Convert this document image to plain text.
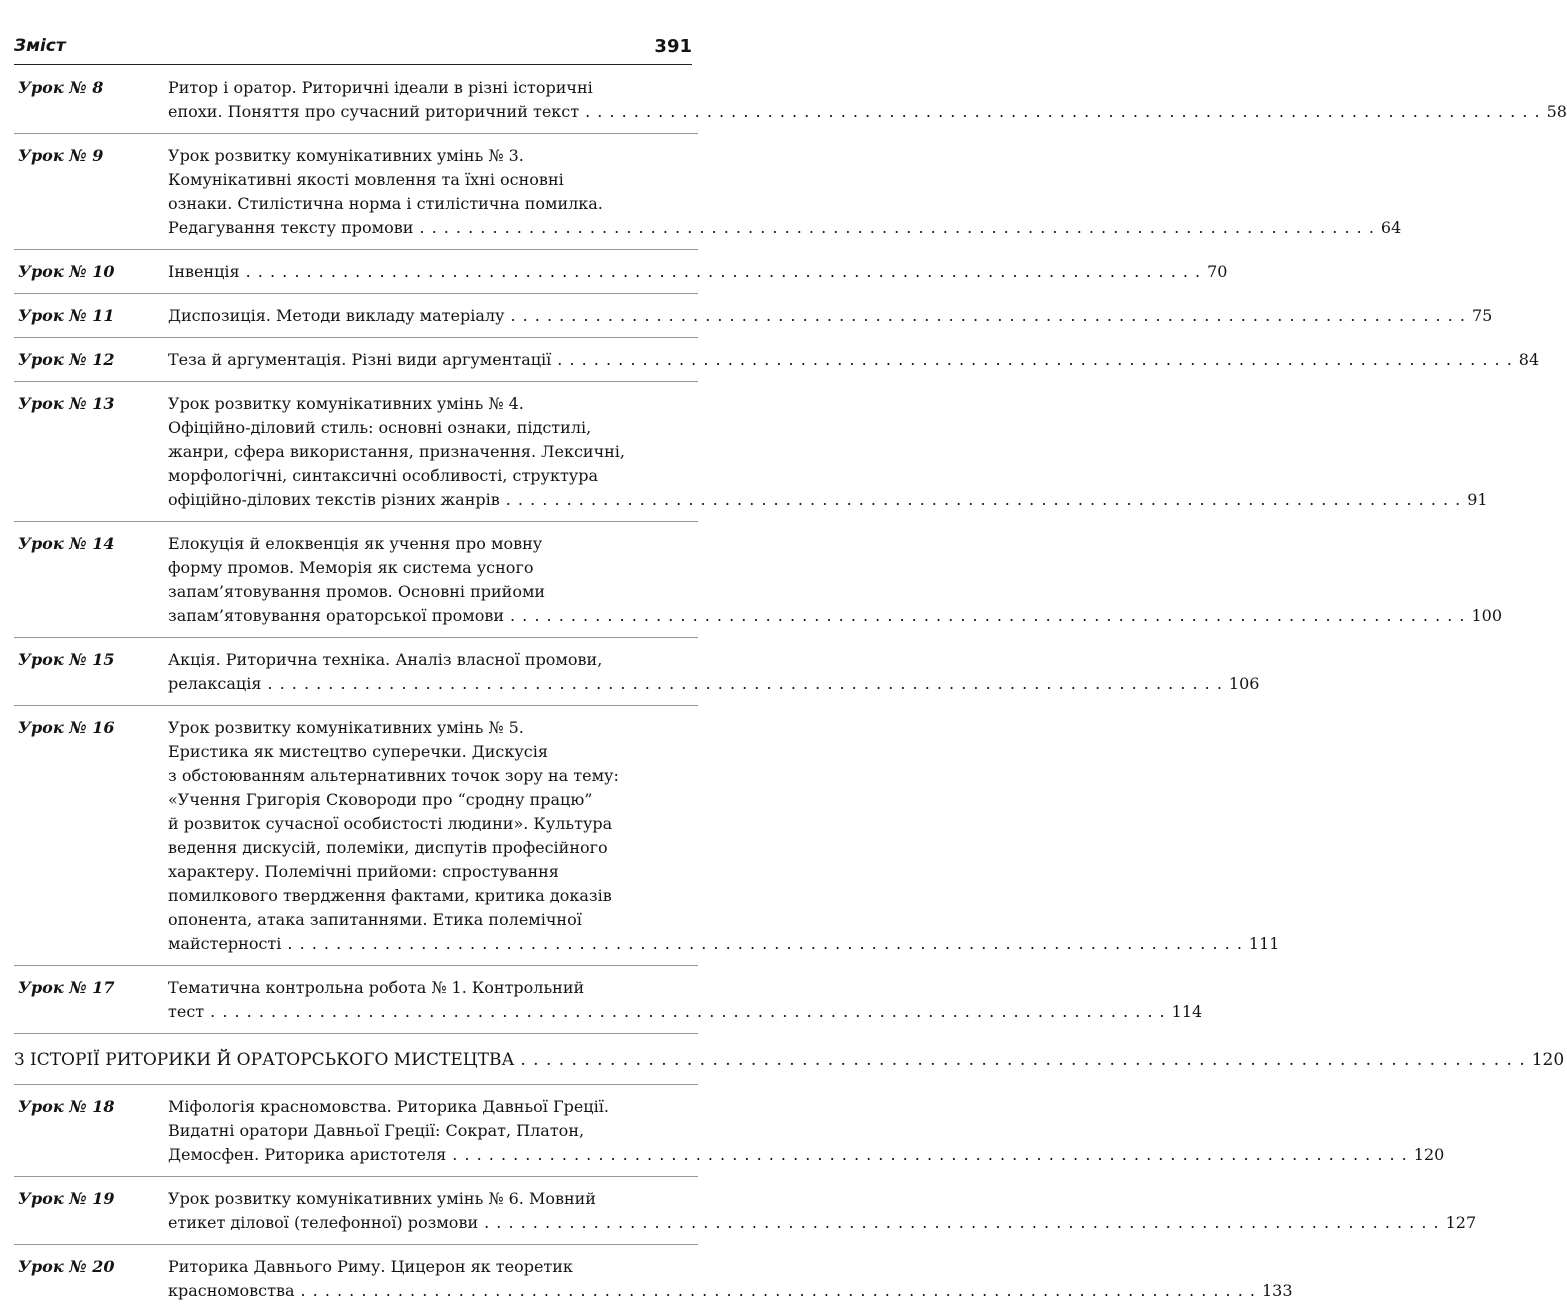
Зміст	391
Урок № 8	Ритор і оратор. Риторичні ідеали в різні історичні
епохи. Поняття про сучасний риторичний текст . . . . . . . . . . . . . . . . . . . . . . . . . . . . . . . . . . . . . . . . . . . . . . . . . . . . . . . . . . . . . . . . . . . . . . . . . . . . . . . 58
Урок № 9	Урок розвитку комунікативних умінь № 3.
Комунікативні якості мовлення та їхні основні
ознаки. Стилістична норма і стилістична помилка.
Редагування тексту промови . . . . . . . . . . . . . . . . . . . . . . . . . . . . . . . . . . . . . . . . . . . . . . . . . . . . . . . . . . . . . . . . . . . . . . . . . . . . . . . 64
Урок № 10	Інвенція . . . . . . . . . . . . . . . . . . . . . . . . . . . . . . . . . . . . . . . . . . . . . . . . . . . . . . . . . . . . . . . . . . . . . . . . . . . . . . . 70
Урок № 11	Диспозиція. Методи викладу матеріалу . . . . . . . . . . . . . . . . . . . . . . . . . . . . . . . . . . . . . . . . . . . . . . . . . . . . . . . . . . . . . . . . . . . . . . . . . . . . . . . 75
Урок № 12	Теза й аргументація. Різні види аргументації . . . . . . . . . . . . . . . . . . . . . . . . . . . . . . . . . . . . . . . . . . . . . . . . . . . . . . . . . . . . . . . . . . . . . . . . . . . . . . . 84
Урок № 13	Урок розвитку комунікативних умінь № 4.
Офіційно-діловий стиль: основні ознаки, підстилі,
жанри, сфера використання, призначення. Лексичні,
морфологічні, синтаксичні особливості, структура
офіційно-ділових текстів різних жанрів . . . . . . . . . . . . . . . . . . . . . . . . . . . . . . . . . . . . . . . . . . . . . . . . . . . . . . . . . . . . . . . . . . . . . . . . . . . . . . . 91
Урок № 14	Елокуція й елоквенція як учення про мовну
форму промов. Меморія як система усного
запам’ятовування промов. Основні прийоми
запам’ятовування ораторської промови . . . . . . . . . . . . . . . . . . . . . . . . . . . . . . . . . . . . . . . . . . . . . . . . . . . . . . . . . . . . . . . . . . . . . . . . . . . . . . . 100
Урок № 15	Акція. Риторична техніка. Аналіз власної промови,
релаксація . . . . . . . . . . . . . . . . . . . . . . . . . . . . . . . . . . . . . . . . . . . . . . . . . . . . . . . . . . . . . . . . . . . . . . . . . . . . . . . 106
Урок № 16	Урок розвитку комунікативних умінь № 5.
Еристика як мистецтво суперечки. Дискусія
з обстоюванням альтернативних точок зору на тему:
«Учення Григорія Сковороди про “сродну працю”
й розвиток сучасної особистості людини». Культура
ведення дискусій, полеміки, диспутів професійного
характеру. Полемічні прийоми: спростування
помилкового твердження фактами, критика доказів
опонента, атака запитаннями. Етика полемічної
майстерності . . . . . . . . . . . . . . . . . . . . . . . . . . . . . . . . . . . . . . . . . . . . . . . . . . . . . . . . . . . . . . . . . . . . . . . . . . . . . . . 111
Урок № 17	Тематична контрольна робота № 1. Контрольний
тест . . . . . . . . . . . . . . . . . . . . . . . . . . . . . . . . . . . . . . . . . . . . . . . . . . . . . . . . . . . . . . . . . . . . . . . . . . . . . . . 114
З ІСТОРІЇ РИТОРИКИ Й ОРАТОРСЬКОГО МИСТЕЦТВА . . . . . . . . . . . . . . . . . . . . . . . . . . . . . . . . . . . . . . . . . . . . . . . . . . . . . . . . . . . . . . . . . . . . . . . . . . . . . . . 120
Урок № 18	Міфологія красномовства. Риторика Давньої Греції.
Видатні оратори Давньої Греції: Сократ, Платон,
Демосфен. Риторика аристотеля . . . . . . . . . . . . . . . . . . . . . . . . . . . . . . . . . . . . . . . . . . . . . . . . . . . . . . . . . . . . . . . . . . . . . . . . . . . . . . . 120
Урок № 19	Урок розвитку комунікативних умінь № 6. Мовний
етикет ділової (телефонної) розмови . . . . . . . . . . . . . . . . . . . . . . . . . . . . . . . . . . . . . . . . . . . . . . . . . . . . . . . . . . . . . . . . . . . . . . . . . . . . . . . 127
Урок № 20	Риторика Давнього Риму. Цицерон як теоретик
красномовства . . . . . . . . . . . . . . . . . . . . . . . . . . . . . . . . . . . . . . . . . . . . . . . . . . . . . . . . . . . . . . . . . . . . . . . . . . . . . . . 133
